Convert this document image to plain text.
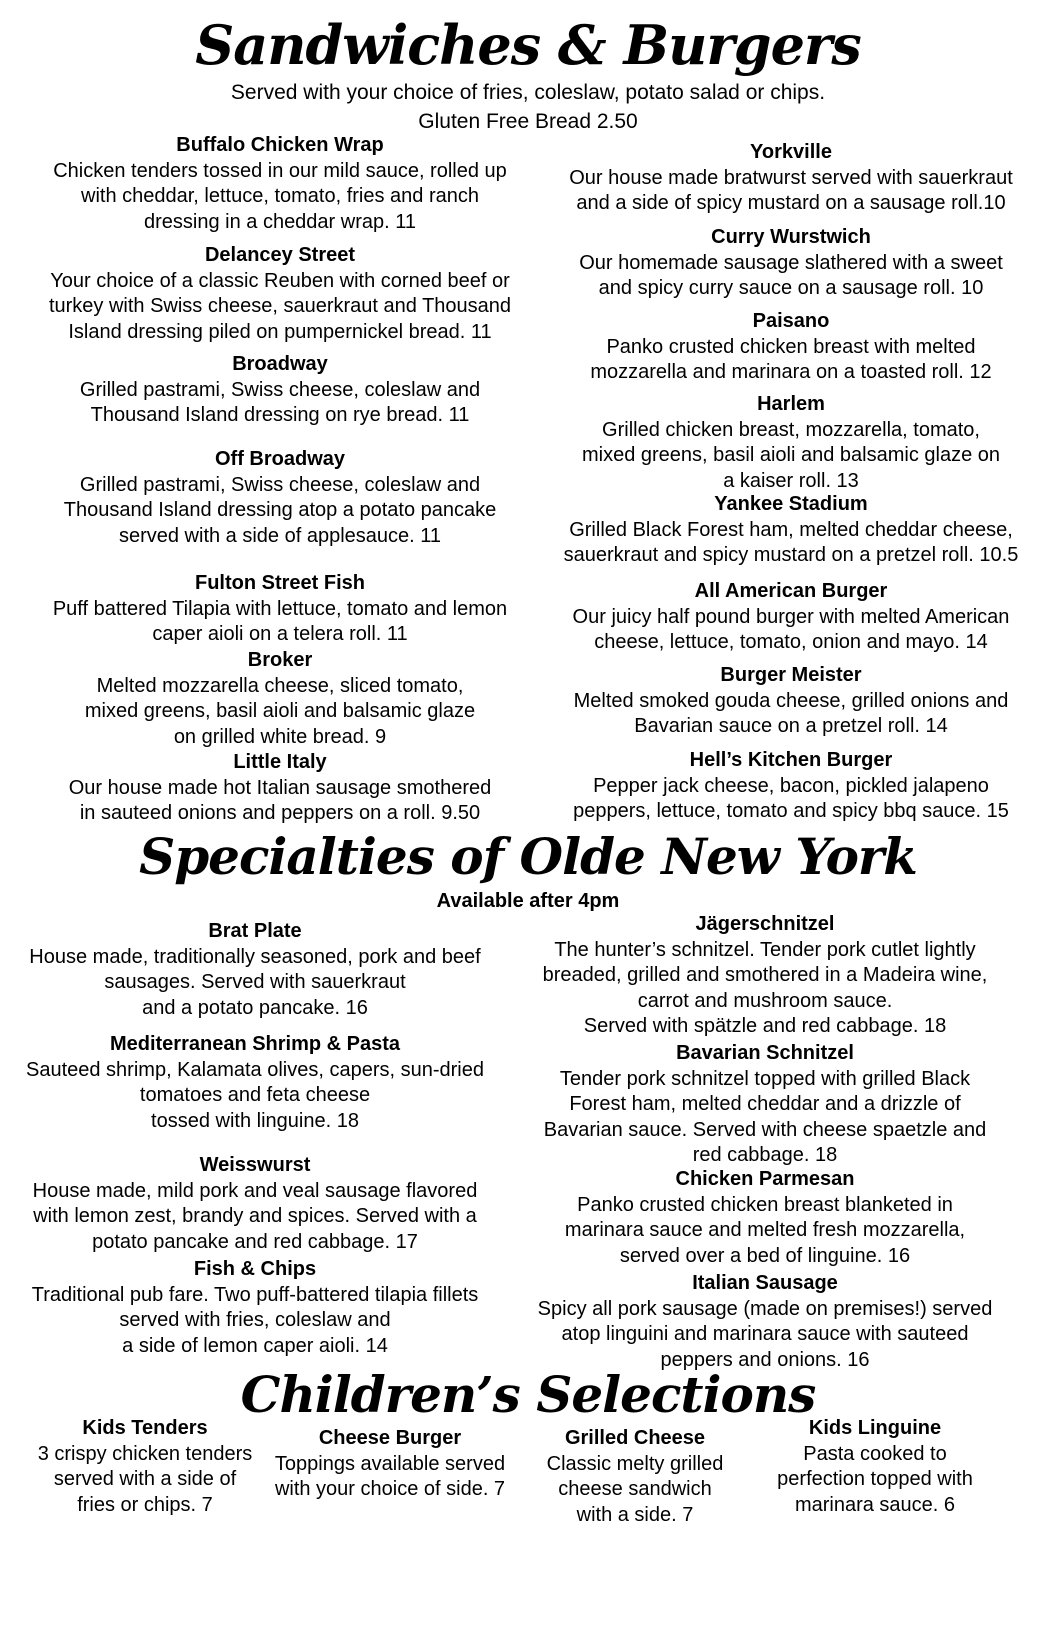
Sandwiches & Burgers
Served with your choice of fries, coleslaw, potato salad or chips.
Gluten Free Bread 2.50
Buffalo Chicken Wrap
Chicken tenders tossed in our mild sauce, rolled up
with cheddar, lettuce, tomato, fries and ranch
dressing in a cheddar wrap. 11
Delancey Street
Your choice of a classic Reuben with corned beef or
turkey with Swiss cheese, sauerkraut and Thousand
Island dressing piled on pumpernickel bread. 11
Broadway
Grilled pastrami, Swiss cheese, coleslaw and
Thousand Island dressing on rye bread. 11
Off Broadway
Grilled pastrami, Swiss cheese, coleslaw and
Thousand Island dressing atop a potato pancake
served with a side of applesauce. 11
Fulton Street Fish
Puff battered Tilapia with lettuce, tomato and lemon
caper aioli on a telera roll. 11
Broker
Melted mozzarella cheese, sliced tomato,
mixed greens, basil aioli and balsamic glaze
on grilled white bread. 9
Little Italy
Our house made hot Italian sausage smothered
in sauteed onions and peppers on a roll. 9.50
Yorkville
Our house made bratwurst served with sauerkraut
and a side of spicy mustard on a sausage roll.10
Curry Wurstwich
Our homemade sausage slathered with a sweet
and spicy curry sauce on a sausage roll. 10
Paisano
Panko crusted chicken breast with melted
mozzarella and marinara on a toasted roll. 12
Harlem
Grilled chicken breast, mozzarella, tomato,
mixed greens, basil aioli and balsamic glaze on
a kaiser roll. 13
Yankee Stadium
Grilled Black Forest ham, melted cheddar cheese,
sauerkraut and spicy mustard on a pretzel roll. 10.5
All American Burger
Our juicy half pound burger with melted American
cheese, lettuce, tomato, onion and mayo. 14
Burger Meister
Melted smoked gouda cheese, grilled onions and
Bavarian sauce on a pretzel roll. 14
Hell’s Kitchen Burger
Pepper jack cheese, bacon, pickled jalapeno
peppers, lettuce, tomato and spicy bbq sauce. 15
Specialties of Olde New York
Available after 4pm
Brat Plate
House made, traditionally seasoned, pork and beef
sausages. Served with sauerkraut
and a potato pancake. 16
Mediterranean Shrimp & Pasta
Sauteed shrimp, Kalamata olives, capers, sun-dried
tomatoes and feta cheese
tossed with linguine. 18
Weisswurst
House made, mild pork and veal sausage flavored
with lemon zest, brandy and spices. Served with a
potato pancake and red cabbage. 17
Fish & Chips
Traditional pub fare. Two puff-battered tilapia fillets
served with fries, coleslaw and
a side of lemon caper aioli. 14
Jägerschnitzel
The hunter’s schnitzel. Tender pork cutlet lightly
breaded, grilled and smothered in a Madeira wine,
carrot and mushroom sauce.
Served with spätzle and red cabbage. 18
Bavarian Schnitzel
Tender pork schnitzel topped with grilled Black
Forest ham, melted cheddar and a drizzle of
Bavarian sauce. Served with cheese spaetzle and
red cabbage. 18
Chicken Parmesan
Panko crusted chicken breast blanketed in
marinara sauce and melted fresh mozzarella,
served over a bed of linguine. 16
Italian Sausage
Spicy all pork sausage (made on premises!) served
atop linguini and marinara sauce with sauteed
peppers and onions. 16
Children’s Selections
Kids Tenders
3 crispy chicken tenders
served with a side of
fries or chips. 7
Cheese Burger
Toppings available served
with your choice of side. 7
Grilled Cheese
Classic melty grilled
cheese sandwich
with a side. 7
Kids Linguine
Pasta cooked to
perfection topped with
marinara sauce. 6
